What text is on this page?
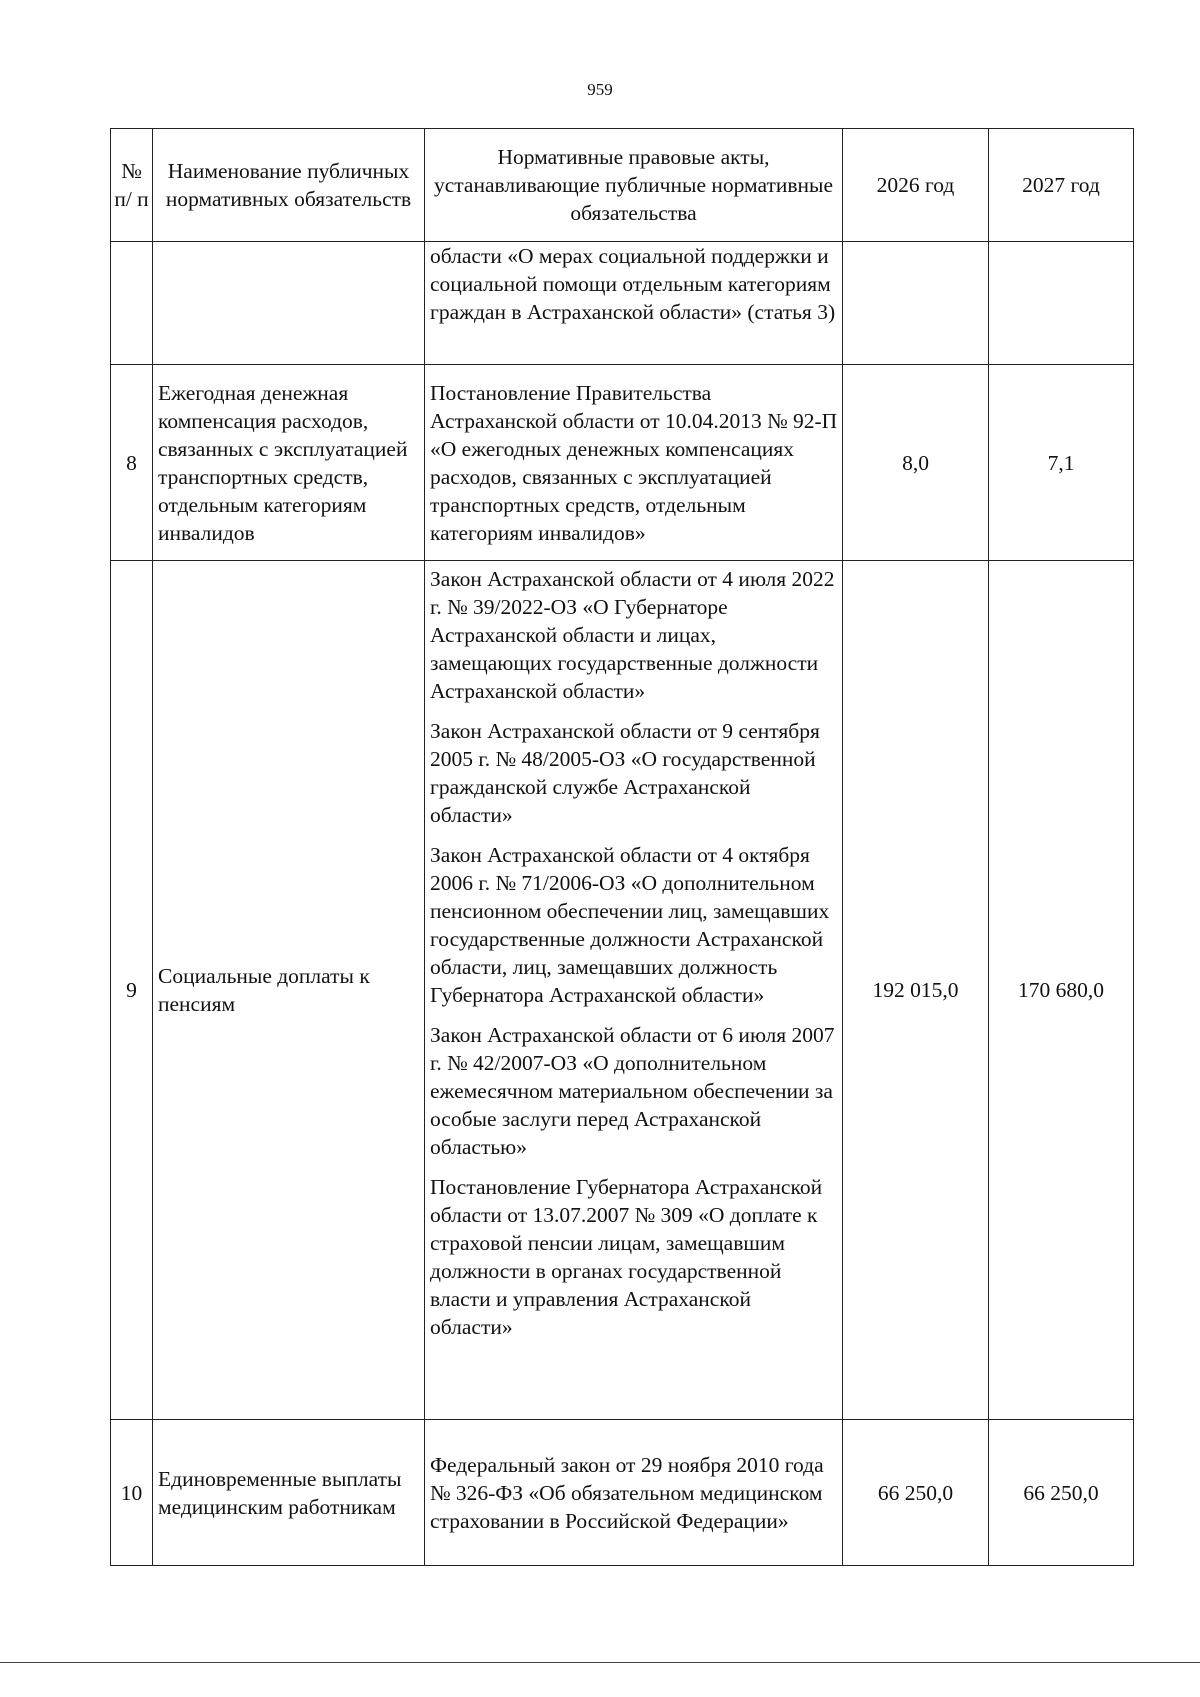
959
№ п/ п	Наименование публичных нормативных обязательств	Нормативные правовые акты, устанавливающие публичные нормативные обязательства	2026 год	2027 год

		области «О мерах социальной поддержки и социальной помощи отдельным категориям граждан в Астраханской области» (статья 3)		

8	Ежегодная денежная компенсация расходов, связанных с эксплуатацией транспортных средств, отдельным категориям инвалидов	Постановление Правительства Астраханской области от 10.04.2013 № 92-П «О ежегодных денежных компенсациях расходов, связанных с эксплуатацией транспортных средств, отдельным категориям инвалидов»	8,0	7,1
9	Социальные доплаты к пенсиям	Закон Астраханской области от 4 июля 2022 г. № 39/2022-ОЗ «О Губернаторе Астраханской области и лицах, замещающих государственные должности Астраханской области»

Закон Астраханской области от 9 сентября 2005 г. № 48/2005-ОЗ «О государственной гражданской службе Астраханской области»

Закон Астраханской области от 4 октября 2006 г. № 71/2006-ОЗ «О дополнительном пенсионном обеспечении лиц, замещавших государственные должности Астраханской области, лиц, замещавших должность Губернатора Астраханской области»

Закон Астраханской области от 6 июля 2007 г. № 42/2007-ОЗ «О дополнительном ежемесячном материальном обеспечении за особые заслуги перед Астраханской областью»

Постановление Губернатора Астраханской области от 13.07.2007 № 309 «О доплате к страховой пенсии лицам, замещавшим должности в органах государственной власти и управления Астраханской области»	192 015,0	170 680,0
10	Единовременные выплаты медицинским работникам	Федеральный закон от 29 ноября 2010 года № 326-ФЗ «Об обязательном медицинском страховании в Российской Федерации»	66 250,0	66 250,0
